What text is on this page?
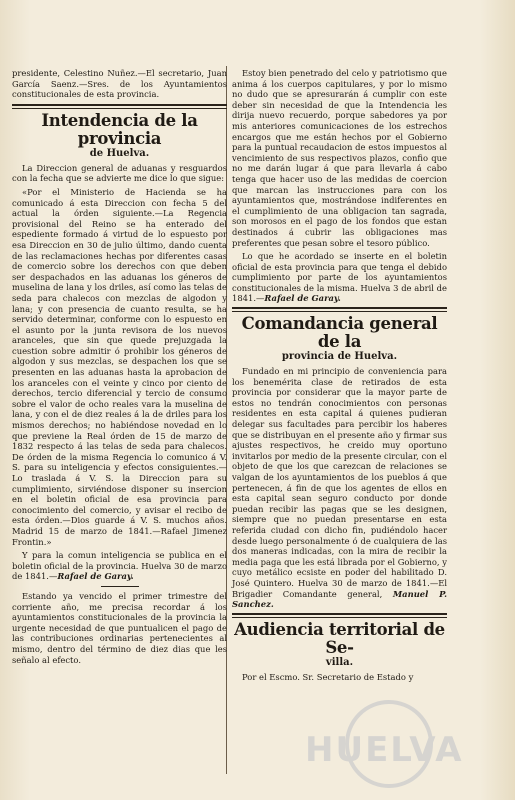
presidente, Celestino Nuñez.—El secretario, Juan García Saenz.—Sres. de los Ayuntamientos constitucionales de esta provincia.

Intendencia de la provincia
de Huelva.

La Direccion general de aduanas y resguardos con la fecha que se advierte me dice lo que sigue:

«Por el Ministerio de Hacienda se ha comunicado á esta Direccion con fecha 5 del actual la órden siguiente.—La Regencia provisional del Reino se ha enterado del espediente formado á virtud de lo espuesto por esa Direccion en 30 de julio último, dando cuenta de las reclamaciones hechas por diferentes casas de comercio sobre los derechos con que deben ser despachados en las aduanas los géneros de muselina de lana y los driles, así como las telas de seda para chalecos con mezclas de algodon y lana; y con presencia de cuanto resulta, se ha servido determinar, conforme con lo espuesto en el asunto por la junta revisora de los nuevos aranceles, que sin que quede prejuzgada la cuestion sobre admitir ó prohibir los géneros de algodon y sus mezclas, se despachen los que se presenten en las aduanas hasta la aprobacion de los aranceles con el veinte y cinco por ciento de derechos, tercio diferencial y tercio de consumo sobre el valor de ocho reales vara la muselina de lana, y con el de diez reales á la de driles para los mismos derechos; no habiéndose novedad en lo que previene la Real órden de 15 de marzo de 1832 respecto á las telas de seda para chalecos. De órden de la misma Regencia lo comunico á V. S. para su inteligencia y efectos consiguientes.—Lo traslada á V. S. la Direccion para su cumplimiento, sirviéndose disponer su insercion en el boletin oficial de esa provincia para conocimiento del comercio, y avisar el recibo de esta órden.—Dios guarde á V. S. muchos años. Madrid 15 de marzo de 1841.—Rafael Jimenez Frontin.»

Y para la comun inteligencia se publica en el boletin oficial de la provincia. Huelva 30 de marzo de 1841.—Rafael de Garay.

Estando ya vencido el primer trimestre del corriente año, me precisa recordar á los ayuntamientos constitucionales de la provincia la urgente necesidad de que puntualicen el pago de las contribuciones ordinarias pertenecientes al mismo, dentro del término de diez dias que les señalo al efecto.

Estoy bien penetrado del celo y patriotismo que anima á los cuerpos capitulares, y por lo mismo no dudo que se apresurarán á cumplir con este deber sin necesidad de que la Intendencia les dirija nuevo recuerdo, porque sabedores ya por mis anteriores comunicaciones de los estrechos encargos que me están hechos por el Gobierno para la puntual recaudacion de estos impuestos al vencimiento de sus respectivos plazos, confio que no me darán lugar á que para llevarla á cabo tenga que hacer uso de las medidas de coercion que marcan las instrucciones para con los ayuntamientos que, mostrándose indiferentes en el cumplimiento de una obligacion tan sagrada, son morosos en el pago de los fondos que estan destinados á cubrir las obligaciones mas preferentes que pesan sobre el tesoro público.

Lo que he acordado se inserte en el boletin oficial de esta provincia para que tenga el debido cumplimiento por parte de los ayuntamientos constitucionales de la misma. Huelva 3 de abril de 1841.—Rafael de Garay.

Comandancia general de la
provincia de Huelva.

Fundado en mi principio de conveniencia para los benemérita clase de retirados de esta provincia por considerar que la mayor parte de estos no tendrán conocimientos con personas residentes en esta capital á quienes pudieran delegar sus facultades para percibir los haberes que se distribuyan en el presente año y firmar sus ajustes respectivos, he creido muy oportuno invitarlos por medio de la presente circular, con el objeto de que los que carezcan de relaciones se valgan de los ayuntamientos de los pueblos á que pertenecen, á fin de que los agentes de ellos en esta capital sean seguro conducto por donde puedan recibir las pagas que se les designen, siempre que no puedan presentarse en esta referida ciudad con dicho fin, pudiéndolo hacer desde luego personalmente ó de cualquiera de las dos maneras indicadas, con la mira de recibir la media paga que les está librada por el Gobierno, y cuyo metálico ecsiste en poder del habilitado D. José Quintero. Huelva 30 de marzo de 1841.—El Brigadier Comandante general, Manuel P. Sanchez.

Audiencia territorial de Se-
villa.

Por el Escmo. Sr. Secretario de Estado y

HUELVA
